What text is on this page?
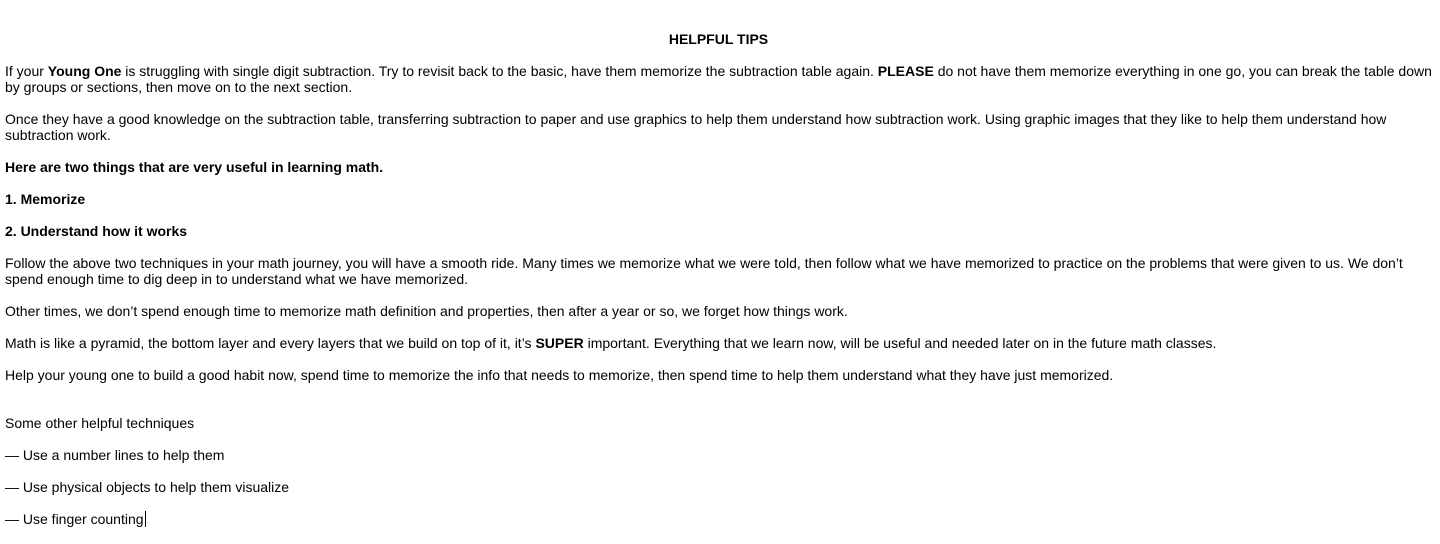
HELPFUL TIPS

If your Young One is struggling with single digit subtraction. Try to revisit back to the basic, have them memorize the subtraction table again. PLEASE do not have them memorize everything in one go, you can break the table down by groups or sections, then move on to the next section.

Once they have a good knowledge on the subtraction table, transferring subtraction to paper and use graphics to help them understand how subtraction work. Using graphic images that they like to help them understand how subtraction work.

Here are two things that are very useful in learning math.

1. Memorize

2. Understand how it works

Follow the above two techniques in your math journey, you will have a smooth ride. Many times we memorize what we were told, then follow what we have memorized to practice on the problems that were given to us. We don’t spend enough time to dig deep in to understand what we have memorized.

Other times, we don’t spend enough time to memorize math definition and properties, then after a year or so, we forget how things work.

Math is like a pyramid, the bottom layer and every layers that we build on top of it, it’s SUPER important. Everything that we learn now, will be useful and needed later on in the future math classes.

Help your young one to build a good habit now, spend time to memorize the info that needs to memorize, then spend time to help them understand what they have just memorized.

Some other helpful techniques

— Use a number lines to help them

— Use physical objects to help them visualize

— Use finger counting
